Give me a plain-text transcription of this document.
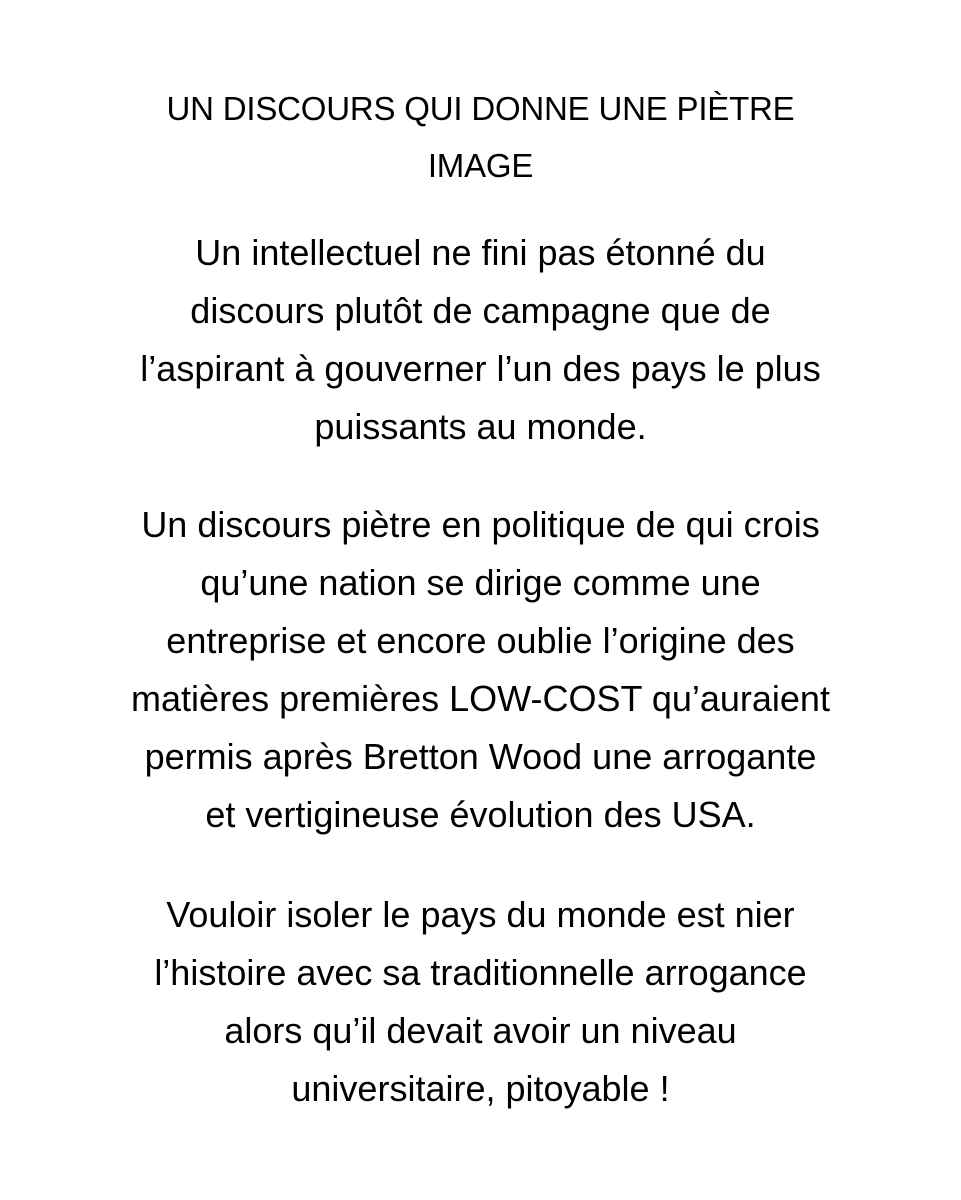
UN DISCOURS QUI DONNE UNE PIÈTRE
IMAGE

Un intellectuel ne fini pas étonné du
discours plutôt de campagne que de
l’aspirant à gouverner l’un des pays le plus
puissants au monde.

Un discours piètre en politique de qui crois
qu’une nation se dirige comme une
entreprise et encore oublie l’origine des
matières premières LOW-COST qu’auraient
permis après Bretton Wood une arrogante
et vertigineuse évolution des USA.

Vouloir isoler le pays du monde est nier
l’histoire avec sa traditionnelle arrogance
alors qu’il devait avoir un niveau
universitaire, pitoyable !
